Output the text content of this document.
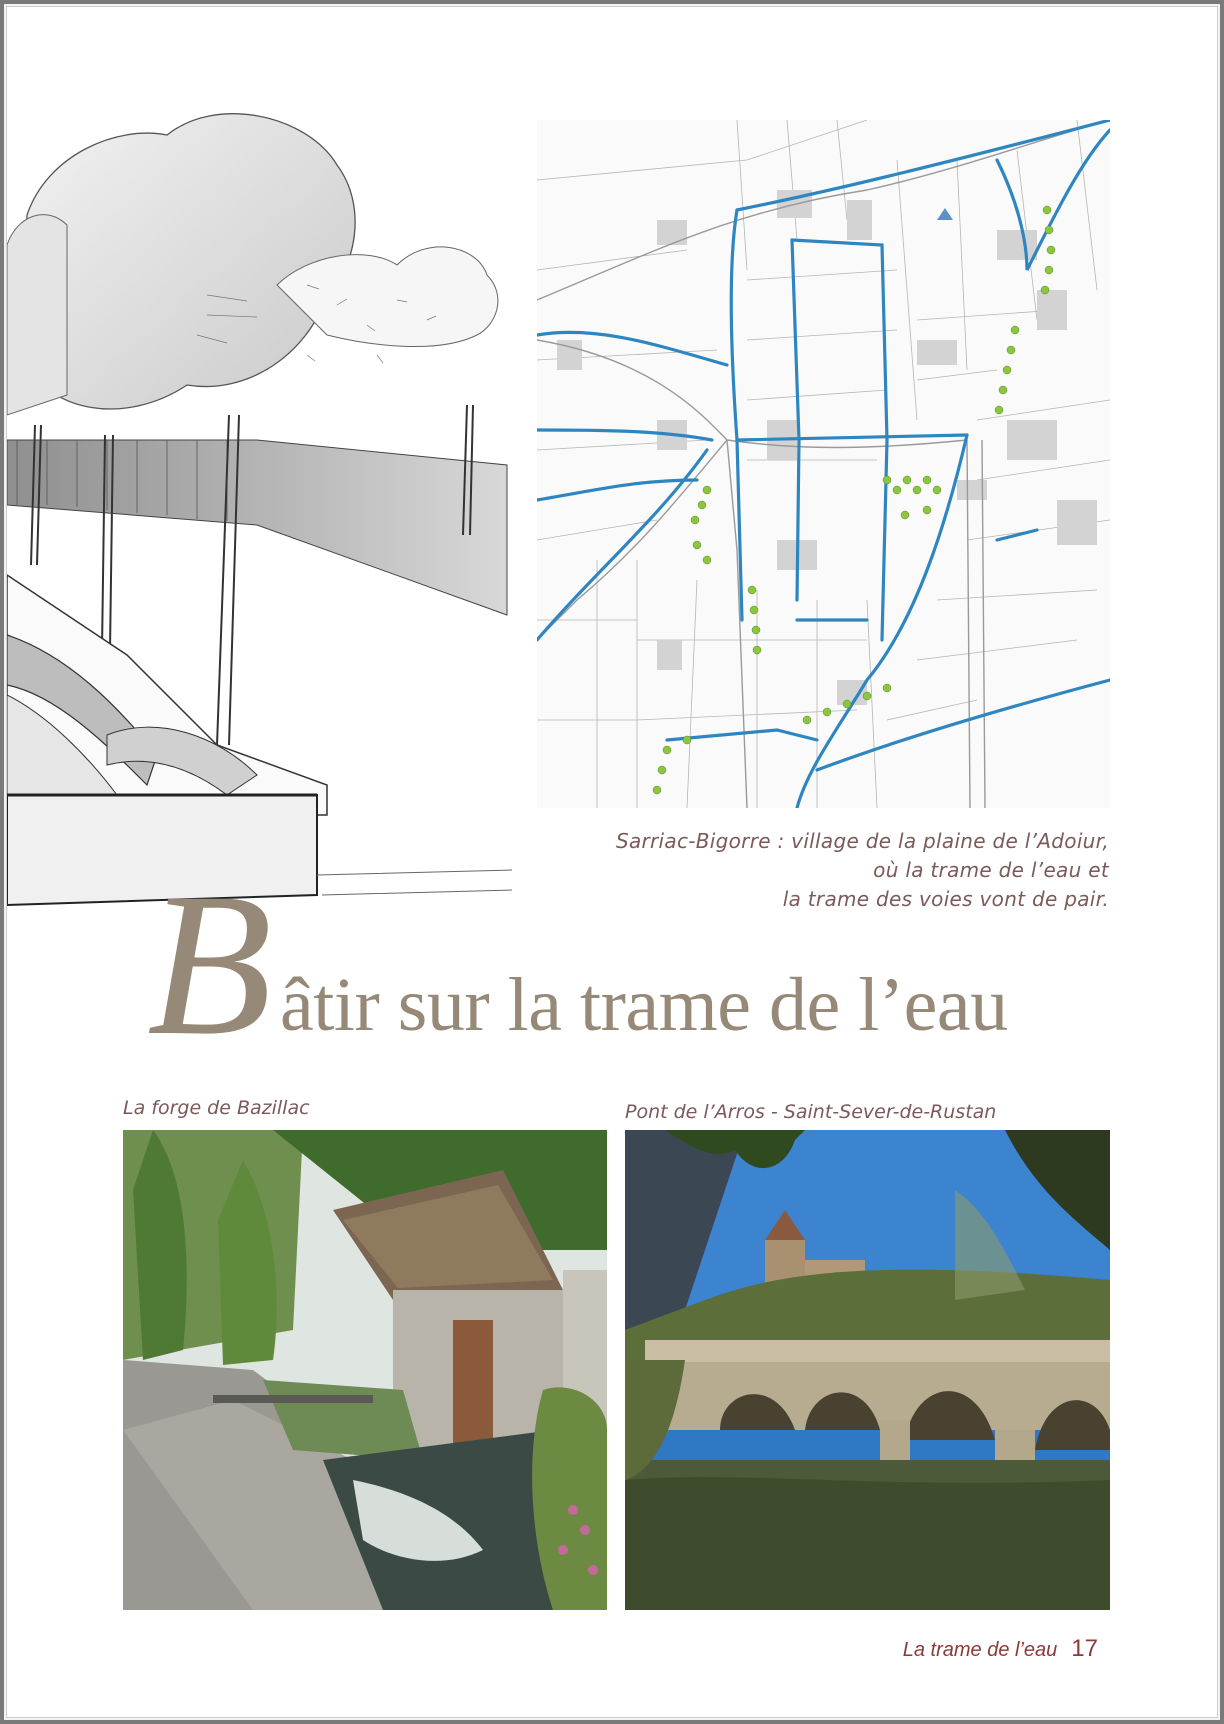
Sarriac-Bigorre : village de la plaine de l’Adoiur,
où la trame de l’eau et
la trame des voies vont de pair.
B âtir sur la trame de l’eau
La forge de Bazillac	Pont de l’Arros - Saint-Sever-de-Rustan
La trame de l’eau 17
